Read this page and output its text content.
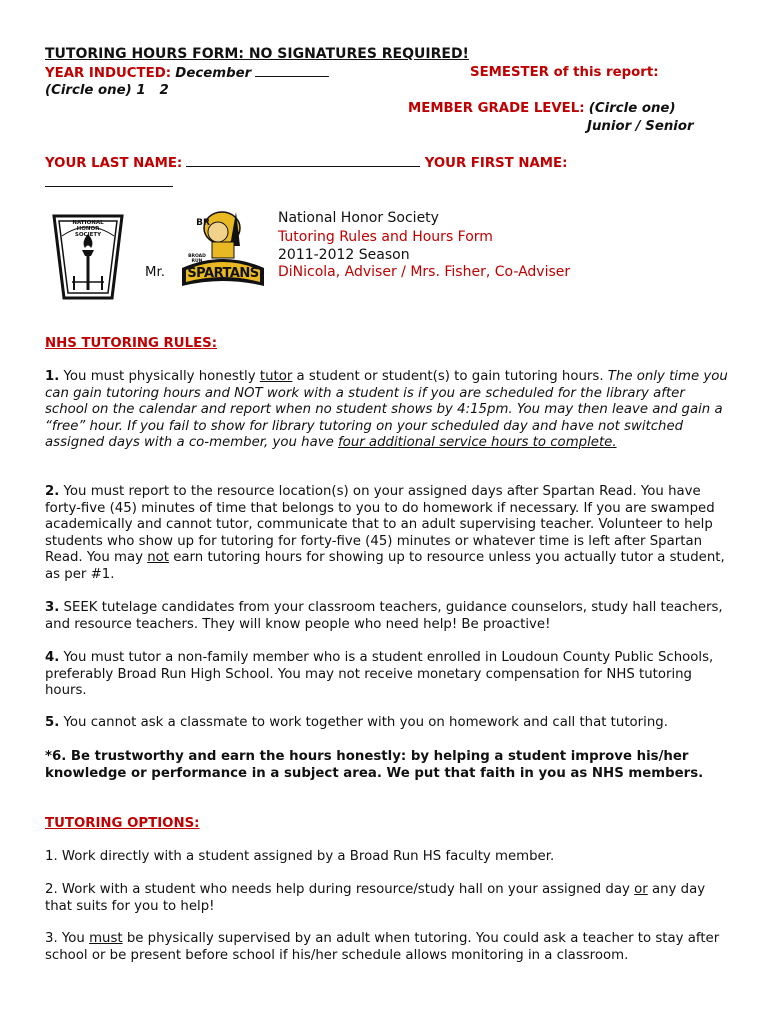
TUTORING HOURS FORM: NO SIGNATURES REQUIRED!
YEAR INDUCTED: December	SEMESTER of this report:
(Circle one) 1   2
MEMBER GRADE LEVEL: (Circle one)
Junior / Senior
YOUR LAST NAME:	YOUR FIRST NAME:
NATIONAL HONOR SOCIETY
Mr. SPARTANS
BR
BROAD RUN
National Honor Society
Tutoring Rules and Hours Form
2011-2012 Season
DiNicola, Adviser / Mrs. Fisher, Co-Adviser
NHS TUTORING RULES:

1. You must physically honestly tutor a student or student(s) to gain tutoring hours. The only time you can gain tutoring hours and NOT work with a student is if you are scheduled for the library after school on the calendar and report when no student shows by 4:15pm. You may then leave and gain a “free” hour. If you fail to show for library tutoring on your scheduled day and have not switched assigned days with a co-member, you have four additional service hours to complete.

2. You must report to the resource location(s) on your assigned days after Spartan Read. You have forty-five (45) minutes of time that belongs to you to do homework if necessary. If you are swamped academically and cannot tutor, communicate that to an adult supervising teacher. Volunteer to help students who show up for tutoring for forty-five (45) minutes or whatever time is left after Spartan Read. You may not earn tutoring hours for showing up to resource unless you actually tutor a student, as per #1.

3. SEEK tutelage candidates from your classroom teachers, guidance counselors, study hall teachers, and resource teachers. They will know people who need help! Be proactive!

4. You must tutor a non-family member who is a student enrolled in Loudoun County Public Schools, preferably Broad Run High School. You may not receive monetary compensation for NHS tutoring hours.

5. You cannot ask a classmate to work together with you on homework and call that tutoring.

*6. Be trustworthy and earn the hours honestly: by helping a student improve his/her knowledge or performance in a subject area. We put that faith in you as NHS members.

TUTORING OPTIONS:

1. Work directly with a student assigned by a Broad Run HS faculty member.

2. Work with a student who needs help during resource/study hall on your assigned day or any day that suits for you to help!

3. You must be physically supervised by an adult when tutoring. You could ask a teacher to stay after school or be present before school if his/her schedule allows monitoring in a classroom.
